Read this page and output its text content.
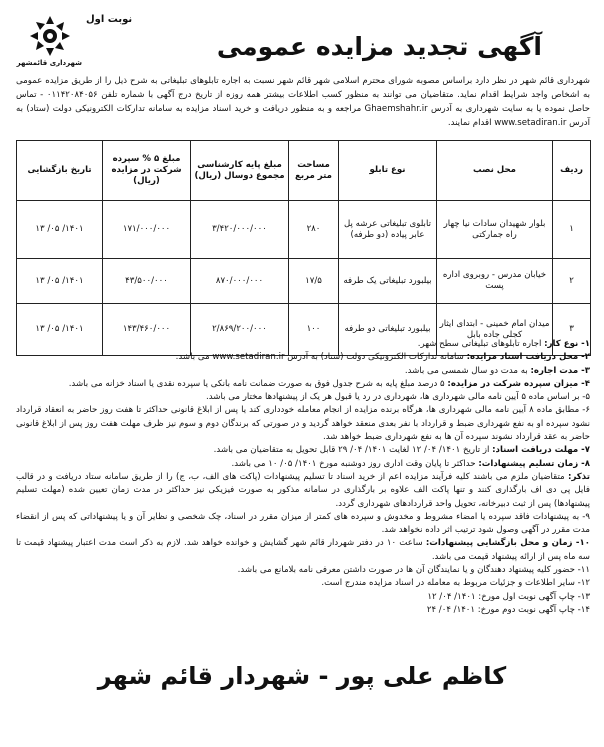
شهرداری قائمشهر
نوبت اول
آگهی تجدید مزایده عمومی

شهرداری قائم شهر در نظر دارد براساس مصوبه شورای محترم اسلامی شهر قائم شهر نسبت به اجاره تابلوهای تبلیغاتی به شرح ذیل را از طریق مزایده عمومی به اشخاص واجد شرایط اقدام نماید. متقاضیان می توانند به منظور کسب اطلاعات بیشتر همه روزه از تاریخ درج آگهی با شماره تلفن ۰۱۱۴۲۰۸۴۰۵۶ - تماس حاصل نموده یا به سایت شهرداری به آدرس Ghaemshahr.ir مراجعه و به منظور دریافت و خرید اسناد مزایده به سامانه تدارکات الکترونیکی دولت (ستاد) به آدرس www.setadiran.ir اقدام نمایند.

ردیف	محل نصب	نوع تابلو	مساحت متر مربع	مبلغ پایه کارشناسی مجموع دوسال (ریال)	مبلغ ۵ % سپرده شرکت در مزایده (ریال)	تاریخ بازگشایی
۱	بلوار شهیدان سادات نیا چهار راه جمارکتی	تابلوی تبلیغاتی عرشه پل عابر پیاده (دو طرفه)	۲۸۰	۳/۴۲۰/۰۰۰/۰۰۰	۱۷۱/۰۰۰/۰۰۰	۱۴۰۱/ ۰۵/ ۱۳
۲	خیابان مدرس - روبروی اداره پست	بیلبورد تبلیغاتی یک طرفه	۱۷/۵	۸۷۰/۰۰۰/۰۰۰	۴۳/۵۰۰/۰۰۰	۱۴۰۱/ ۰۵/ ۱۳
۳	میدان امام خمینی - ابتدای ایثار کجلی جاده بابل	بیلبورد تبلیغاتی دو طرفه	۱۰۰	۲/۸۶۹/۲۰۰/۰۰۰	۱۴۳/۴۶۰/۰۰۰	۱۴۰۱/ ۰۵/ ۱۳
۱- نوع کار: اجاره تابلوهای تبلیغاتی سطح شهر.
۲- محل دریافت اسناد مزایده: سامانه تدارکات الکترونیکی دولت (ستاد) به آدرس www.setadiran.ir می باشد.
۳- مدت اجاره: به مدت دو سال شمسی می باشد.
۴- میزان سپرده شرکت در مزایده: ۵ درصد مبلغ پایه به شرح جدول فوق به صورت ضمانت نامه بانکی یا سپرده نقدی یا اسناد خزانه می باشد.
۵- بر اساس ماده ۵ آیین نامه مالی شهرداری ها، شهرداری در رد یا قبول هر یک از پیشنهادها مختار می باشد.
۶- مطابق ماده ۸ آیین نامه مالی شهرداری ها، هرگاه برنده مزایده از انجام معامله خودداری کند یا پس از ابلاغ قانونی حداکثر تا هفت روز حاضر به انعقاد قرارداد نشود سپرده او به نفع شهرداری ضبط و قرارداد با نفر بعدی منعقد خواهد گردید و در صورتی که برندگان دوم و سوم نیز ظرف مهلت هفت روز پس از ابلاغ قانونی حاضر به عقد قرارداد نشوند سپرده آن ها به نفع شهرداری ضبط خواهد شد.
۷- مهلت دریافت اسناد: از تاریخ ۱۴۰۱/ ۰۴/ ۱۲ لغایت ۱۴۰۱/ ۰۴/ ۲۹ قابل تحویل به متقاضیان می باشد.
۸- زمان تسلیم پیشنهادات: حداکثر تا پایان وقت اداری روز دوشنبه مورخ ۱۴۰۱/ ۰۵/ ۱۰ می باشد.
تذکر: متقاضیان ملزم می باشند کلیه فرآیند مزایده اعم از خرید اسناد تا تسلیم پیشنهادات (پاکت های الف، ب، ج) را از طریق سامانه ستاد دریافت و در قالب فایل پی دی اف بارگذاری کنند و تنها پاکت الف علاوه بر بارگذاری در سامانه مذکور به صورت فیزیکی نیز حداکثر در مدت زمان تعیین شده (مهلت تسلیم پیشنهادها) پس از ثبت دبیرخانه، تحویل واحد قراردادهای شهرداری گردد.
۹- به پیشنهادات فاقد سپرده یا امضاء مشروط و مخدوش و سپرده های کمتر از میزان مقرر در اسناد، چک شخصی و نظایر آن و یا پیشنهاداتی که پس از انقضاء مدت مقرر در آگهی وصول شود ترتیب اثر داده نخواهد شد.
۱۰- زمان و محل بازگشایی پیشنهادات: ساعت ۱۰ در دفتر شهردار قائم شهر گشایش و خوانده خواهد شد. لازم به ذکر است مدت اعتبار پیشنهاد قیمت تا سه ماه پس از ارائه پیشنهاد قیمت می باشد.
۱۱- حضور کلیه پیشنهاد دهندگان و یا نمایندگان آن ها در صورت داشتن معرفی نامه بلامانع می باشد.
۱۲- سایر اطلاعات و جزئیات مربوط به معامله در اسناد مزایده مندرج است.
۱۳- چاپ آگهی نوبت اول مورخ: ۱۴۰۱/ ۰۴/ ۱۲
۱۴- چاپ آگهی نوبت دوم مورخ: ۱۴۰۱/ ۰۴/ ۲۴
کاظم علی پور - شهردار قائم شهر
